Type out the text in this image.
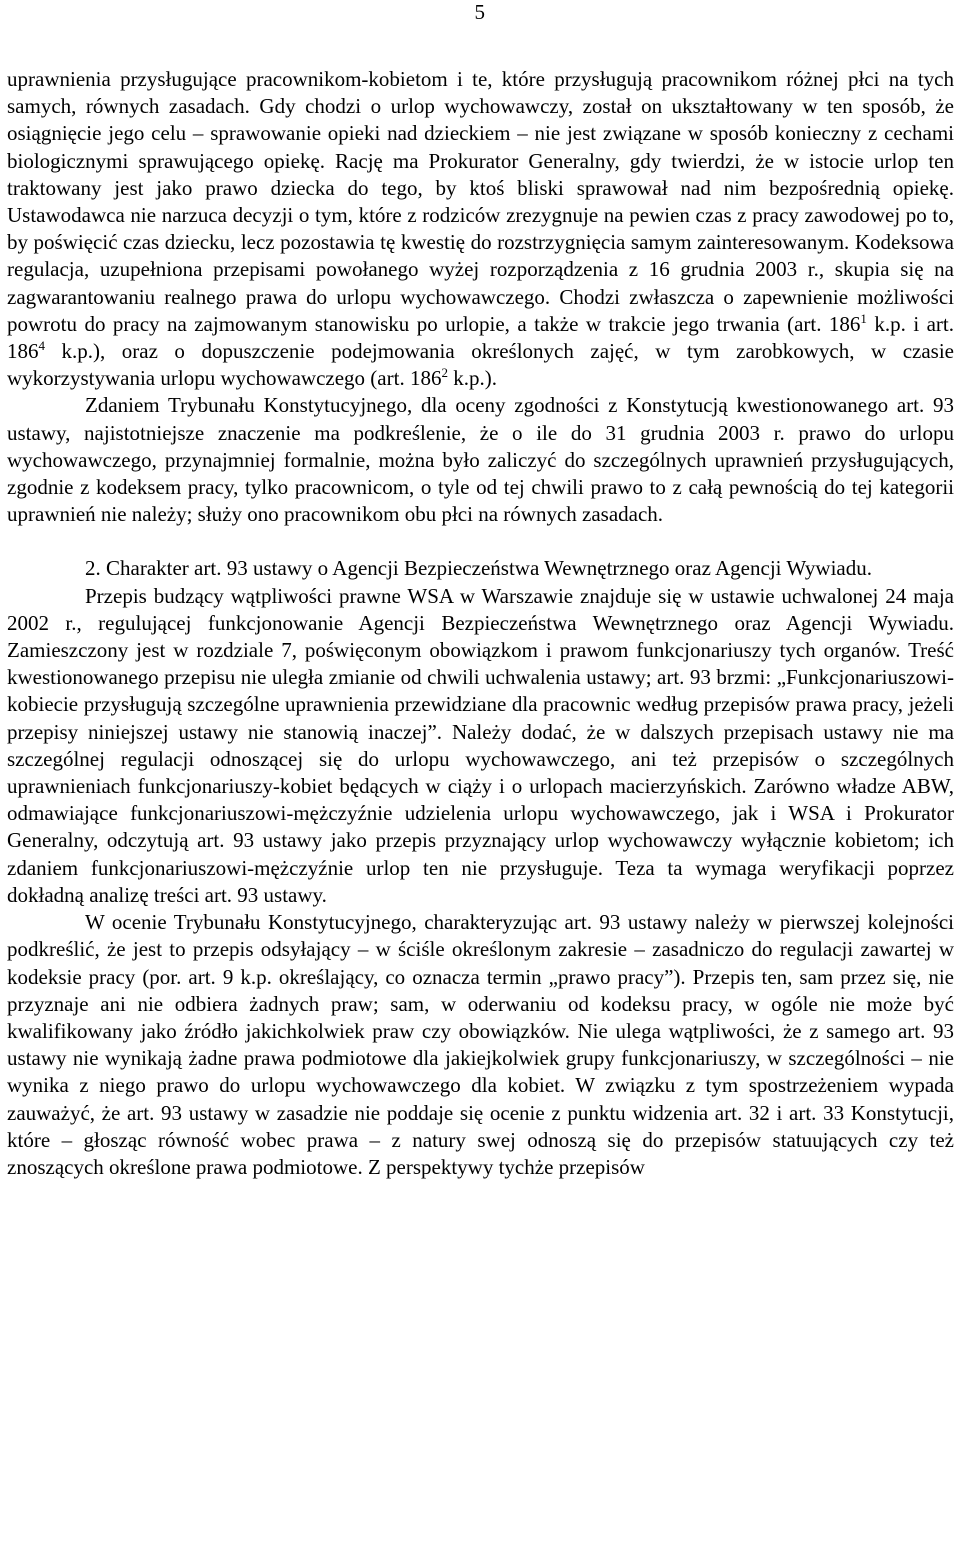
5

uprawnienia przysługujące pracownikom-kobietom i te, które przysługują pracownikom różnej płci na tych samych, równych zasadach. Gdy chodzi o urlop wychowawczy, został on ukształtowany w ten sposób, że osiągnięcie jego celu – sprawowanie opieki nad dzieckiem – nie jest związane w sposób konieczny z cechami biologicznymi sprawującego opiekę. Rację ma Prokurator Generalny, gdy twierdzi, że w istocie urlop ten traktowany jest jako prawo dziecka do tego, by ktoś bliski sprawował nad nim bezpośrednią opiekę. Ustawodawca nie narzuca decyzji o tym, które z rodziców zrezygnuje na pewien czas z pracy zawodowej po to, by poświęcić czas dziecku, lecz pozostawia tę kwestię do rozstrzygnięcia samym zainteresowanym. Kodeksowa regulacja, uzupełniona przepisami powołanego wyżej rozporządzenia z 16 grudnia 2003 r., skupia się na zagwarantowaniu realnego prawa do urlopu wychowawczego. Chodzi zwłaszcza o zapewnienie możliwości powrotu do pracy na zajmowanym stanowisku po urlopie, a także w trakcie jego trwania (art. $186^1$ k.p. i art. $186^4$ k.p.), oraz o dopuszczenie podejmowania określonych zajęć, w tym zarobkowych, w czasie wykorzystywania urlopu wychowawczego (art. $186^2$ k.p.).

Zdaniem Trybunału Konstytucyjnego, dla oceny zgodności z Konstytucją kwestionowanego art. 93 ustawy, najistotniejsze znaczenie ma podkreślenie, że o ile do 31 grudnia 2003 r. prawo do urlopu wychowawczego, przynajmniej formalnie, można było zaliczyć do szczególnych uprawnień przysługujących, zgodnie z kodeksem pracy, tylko pracownicom, o tyle od tej chwili prawo to z całą pewnością do tej kategorii uprawnień nie należy; służy ono pracownikom obu płci na równych zasadach.

2. Charakter art. 93 ustawy o Agencji Bezpieczeństwa Wewnętrznego oraz Agencji Wywiadu.

Przepis budzący wątpliwości prawne WSA w Warszawie znajduje się w ustawie uchwalonej 24 maja 2002 r., regulującej funkcjonowanie Agencji Bezpieczeństwa Wewnętrznego oraz Agencji Wywiadu. Zamieszczony jest w rozdziale 7, poświęconym obowiązkom i prawom funkcjonariuszy tych organów. Treść kwestionowanego przepisu nie uległa zmianie od chwili uchwalenia ustawy; art. 93 brzmi: „Funkcjonariuszowi-kobiecie przysługują szczególne uprawnienia przewidziane dla pracownic według przepisów prawa pracy, jeżeli przepisy niniejszej ustawy nie stanowią inaczej”. Należy dodać, że w dalszych przepisach ustawy nie ma szczególnej regulacji odnoszącej się do urlopu wychowawczego, ani też przepisów o szczególnych uprawnieniach funkcjonariuszy-kobiet będących w ciąży i o urlopach macierzyńskich. Zarówno władze ABW, odmawiające funkcjonariuszowi-mężczyźnie udzielenia urlopu wychowawczego, jak i WSA i Prokurator Generalny, odczytują art. 93 ustawy jako przepis przyznający urlop wychowawczy wyłącznie kobietom; ich zdaniem funkcjonariuszowi-mężczyźnie urlop ten nie przysługuje. Teza ta wymaga weryfikacji poprzez dokładną analizę treści art. 93 ustawy.

W ocenie Trybunału Konstytucyjnego, charakteryzując art. 93 ustawy należy w pierwszej kolejności podkreślić, że jest to przepis odsyłający – w ściśle określonym zakresie – zasadniczo do regulacji zawartej w kodeksie pracy (por. art. 9 k.p. określający, co oznacza termin „prawo pracy”). Przepis ten, sam przez się, nie przyznaje ani nie odbiera żadnych praw; sam, w oderwaniu od kodeksu pracy, w ogóle nie może być kwalifikowany jako źródło jakichkolwiek praw czy obowiązków. Nie ulega wątpliwości, że z samego art. 93 ustawy nie wynikają żadne prawa podmiotowe dla jakiejkolwiek grupy funkcjonariuszy, w szczególności – nie wynika z niego prawo do urlopu wychowawczego dla kobiet. W związku z tym spostrzeżeniem wypada zauważyć, że art. 93 ustawy w zasadzie nie poddaje się ocenie z punktu widzenia art. 32 i art. 33 Konstytucji, które – głosząc równość wobec prawa – z natury swej odnoszą się do przepisów statuujących czy też znoszących określone prawa podmiotowe. Z perspektywy tychże przepisów
